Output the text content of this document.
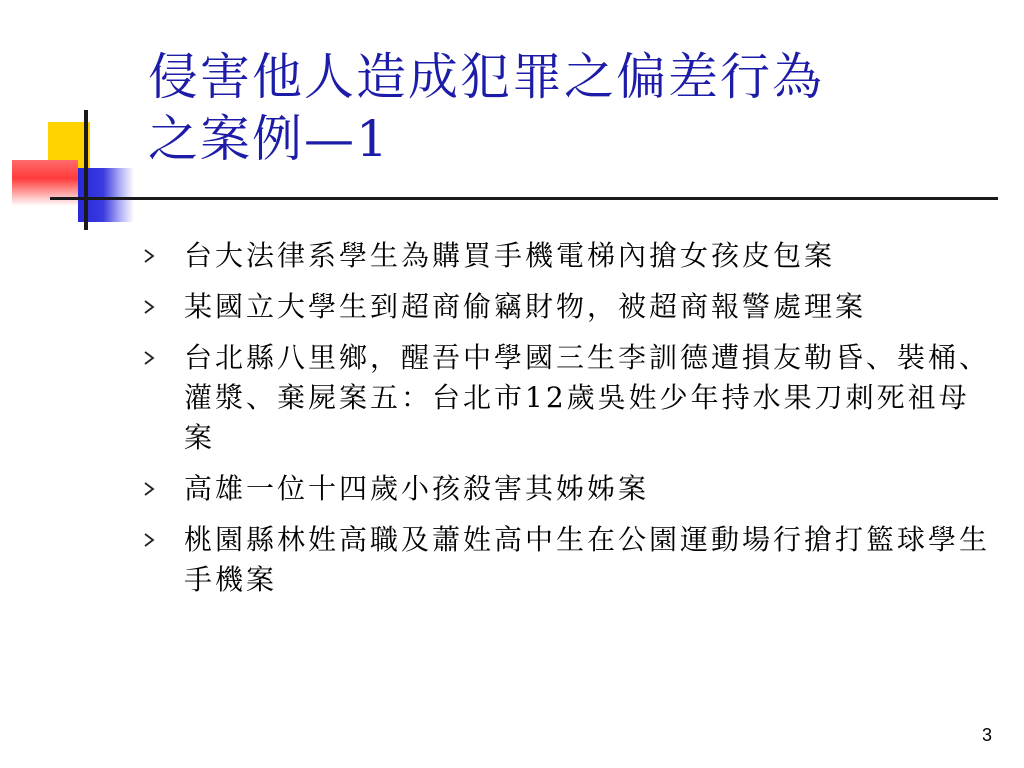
侵害他人造成犯罪之偏差行為
之案例—1
台大法律系學生為購買手機電梯內搶女孩皮包案
某國立大學生到超商偷竊財物，被超商報警處理案
台北縣八里鄉，醒吾中學國三生李訓德遭損友勒昏、裝桶、灌漿、棄屍案五：台北市12歲吳姓少年持水果刀刺死祖母案
高雄一位十四歲小孩殺害其姊姊案
桃園縣林姓高職及蕭姓高中生在公園運動場行搶打籃球學生手機案
3
